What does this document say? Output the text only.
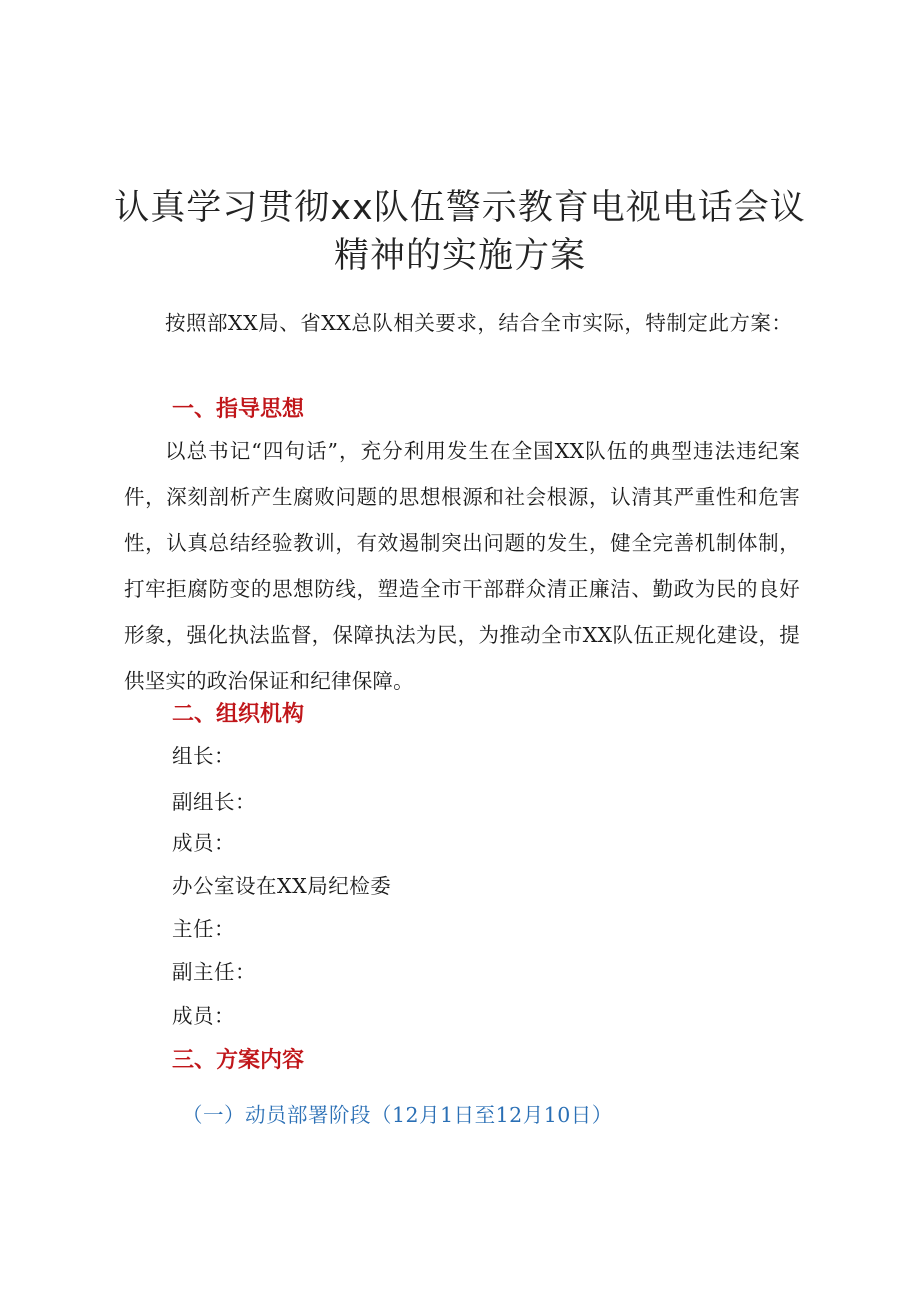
认真学习贯彻xx队伍警示教育电视电话会议
精神的实施方案

按照部XX局、省XX总队相关要求，结合全市实际，特制定此方案：

一、指导思想

以总书记“四句话”，充分利用发生在全国XX队伍的典型违法违纪案件，深刻剖析产生腐败问题的思想根源和社会根源，认清其严重性和危害性，认真总结经验教训，有效遏制突出问题的发生，健全完善机制体制，打牢拒腐防变的思想防线，塑造全市干部群众清正廉洁、勤政为民的良好形象，强化执法监督，保障执法为民，为推动全市XX队伍正规化建设，提供坚实的政治保证和纪律保障。

二、组织机构
组长：
副组长：
成员：
办公室设在XX局纪检委
主任：
副主任：
成员：
三、方案内容
（一）动员部署阶段（12月1日至12月10日）
